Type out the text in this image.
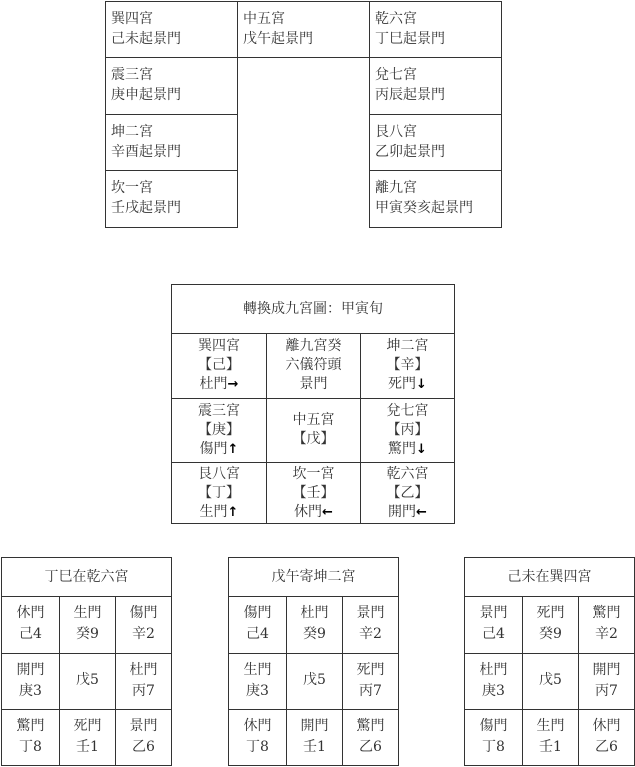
巽四宮
己未起景門
中五宮
戊午起景門
乾六宮
丁巳起景門
震三宮
庚申起景門
兌七宮
丙辰起景門
坤二宮
辛酉起景門
艮八宮
乙卯起景門
坎一宮
壬戌起景門
離九宮
甲寅癸亥起景門
轉換成九宮圖：甲寅旬
巽四宮
【己】
杜門→
離九宮癸
六儀符頭
景門
坤二宮
【辛】
死門↓
震三宮
【庚】
傷門↑
中五宮
【戊】
兌七宮
【丙】
驚門↓
艮八宮
【丁】
生門↑
坎一宮
【壬】
休門←
乾六宮
【乙】
開門←
丁巳在乾六宮
休門
己4
生門
癸9
傷門
辛2
開門
庚3
戊5
杜門
丙7
驚門
丁8
死門
壬1
景門
乙6
戊午寄坤二宮
傷門
己4
杜門
癸9
景門
辛2
生門
庚3
戊5
死門
丙7
休門
丁8
開門
壬1
驚門
乙6
己未在巽四宮
景門
己4
死門
癸9
驚門
辛2
杜門
庚3
戊5
開門
丙7
傷門
丁8
生門
壬1
休門
乙6
